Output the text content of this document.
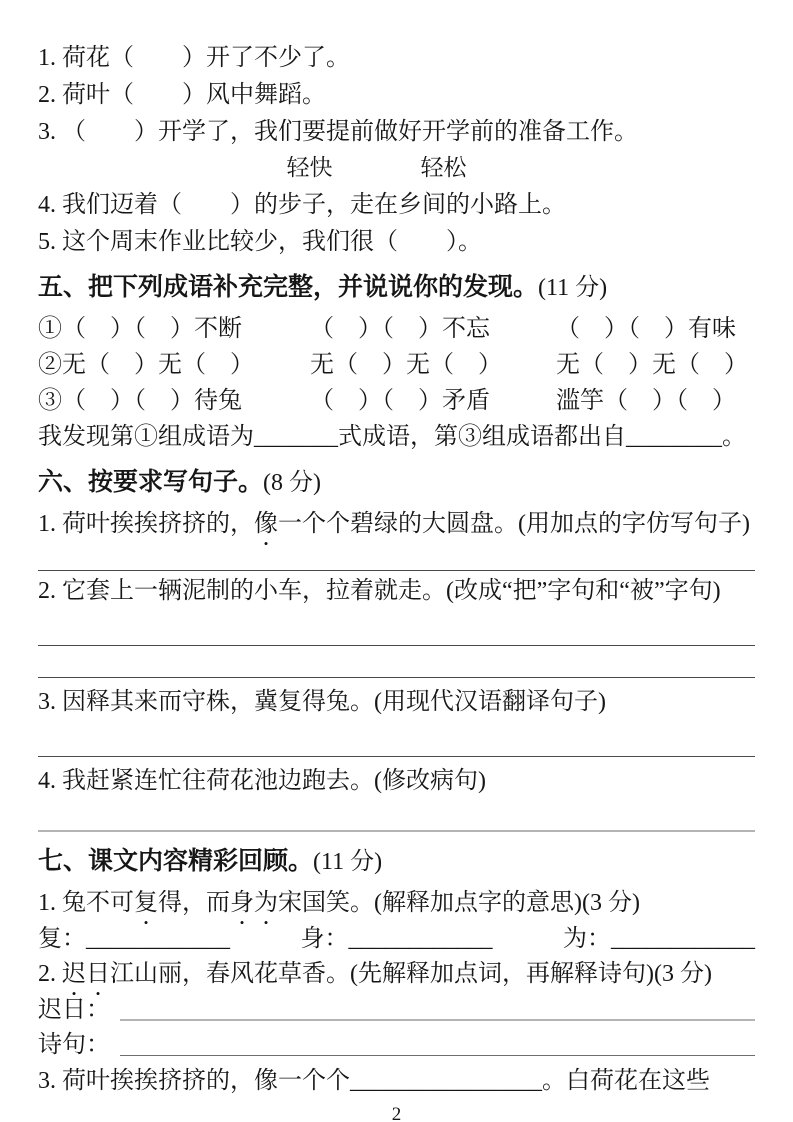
1. 荷花（　　）开了不少了。
2. 荷叶（　　）风中舞蹈。
3. （　　）开学了，我们要提前做好开学前的准备工作。
轻快	轻松
4. 我们迈着（　　）的步子，走在乡间的小路上。
5. 这个周末作业比较少，我们很（　　）。
五、把下列成语补充完整，并说说你的发现。(11 分)
①（　）（　）不断	（　）（　）不忘	（　）（　）有味
②无（　）无（　）	无（　）无（　）	无（　）无（　）
③（　）（　）待兔	（　）（　）矛盾	滥竽（　）（　）
我发现第①组成语为_______式成语，第③组成语都出自________。
六、按要求写句子。(8 分)
1. 荷叶挨挨挤挤的，像一个个碧绿的大圆盘。(用加点的字仿写句子)
2. 它套上一辆泥制的小车，拉着就走。(改成“把”字句和“被”字句)
3. 因释其来而守株，冀复得兔。(用现代汉语翻译句子)
4. 我赶紧连忙往荷花池边跑去。(修改病句)
七、课文内容精彩回顾。(11 分)
1. 兔不可复得，而身为宋国笑。(解释加点字的意思)(3 分)
复：____________	身：____________	为：____________
2. 迟日江山丽，春风花草香。(先解释加点词，再解释诗句)(3 分)
迟日：
诗句：
3. 荷叶挨挨挤挤的，像一个个________________。白荷花在这些
2
